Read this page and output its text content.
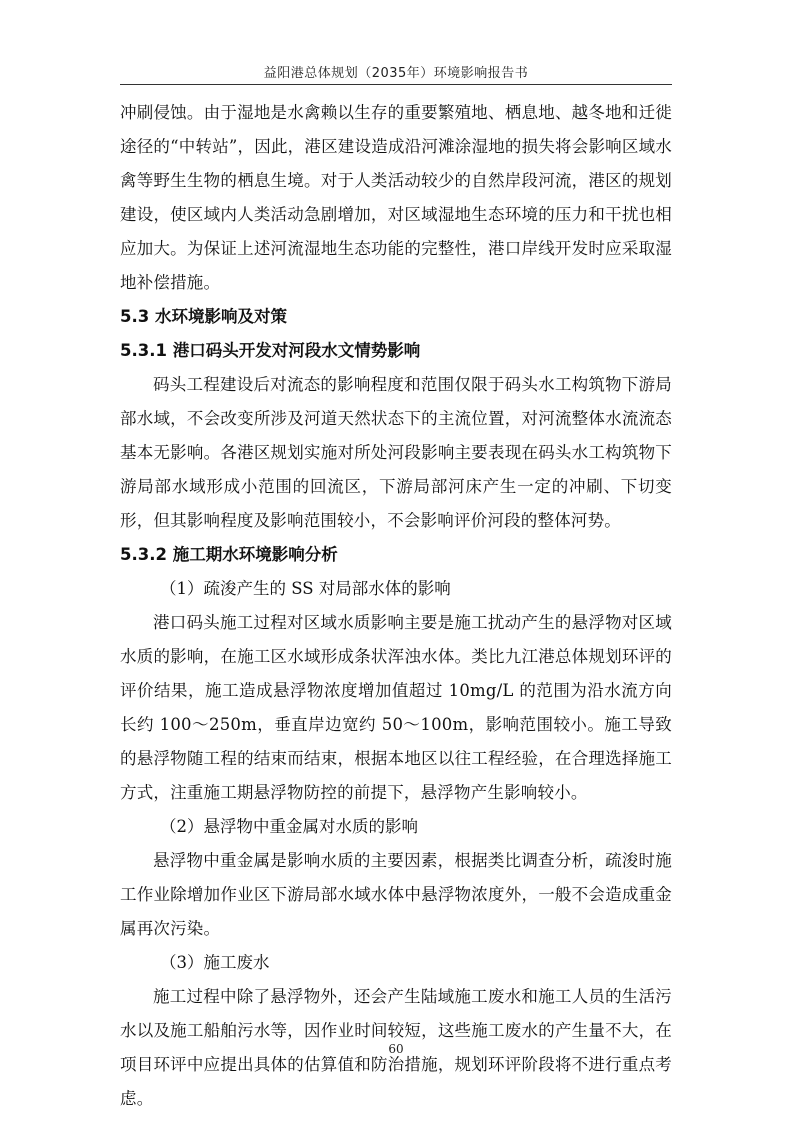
益阳港总体规划（2035年）环境影响报告书

冲刷侵蚀。由于湿地是水禽赖以生存的重要繁殖地、栖息地、越冬地和迁徙途径的“中转站”，因此，港区建设造成沿河滩涂湿地的损失将会影响区域水禽等野生生物的栖息生境。对于人类活动较少的自然岸段河流，港区的规划建设，使区域内人类活动急剧增加，对区域湿地生态环境的压力和干扰也相应加大。为保证上述河流湿地生态功能的完整性，港口岸线开发时应采取湿地补偿措施。

5.3 水环境影响及对策

5.3.1 港口码头开发对河段水文情势影响

码头工程建设后对流态的影响程度和范围仅限于码头水工构筑物下游局部水域，不会改变所涉及河道天然状态下的主流位置，对河流整体水流流态基本无影响。各港区规划实施对所处河段影响主要表现在码头水工构筑物下游局部水域形成小范围的回流区，下游局部河床产生一定的冲刷、下切变形，但其影响程度及影响范围较小，不会影响评价河段的整体河势。

5.3.2 施工期水环境影响分析

（1）疏浚产生的 SS 对局部水体的影响

港口码头施工过程对区域水质影响主要是施工扰动产生的悬浮物对区域水质的影响，在施工区水域形成条状浑浊水体。类比九江港总体规划环评的评价结果，施工造成悬浮物浓度增加值超过 10mg/L 的范围为沿水流方向长约 100～250m，垂直岸边宽约 50～100m，影响范围较小。施工导致的悬浮物随工程的结束而结束，根据本地区以往工程经验，在合理选择施工方式，注重施工期悬浮物防控的前提下，悬浮物产生影响较小。

（2）悬浮物中重金属对水质的影响

悬浮物中重金属是影响水质的主要因素，根据类比调查分析，疏浚时施工作业除增加作业区下游局部水域水体中悬浮物浓度外，一般不会造成重金属再次污染。

（3）施工废水

施工过程中除了悬浮物外，还会产生陆域施工废水和施工人员的生活污水以及施工船舶污水等，因作业时间较短，这些施工废水的产生量不大，在项目环评中应提出具体的估算值和防治措施，规划环评阶段将不进行重点考虑。

60
